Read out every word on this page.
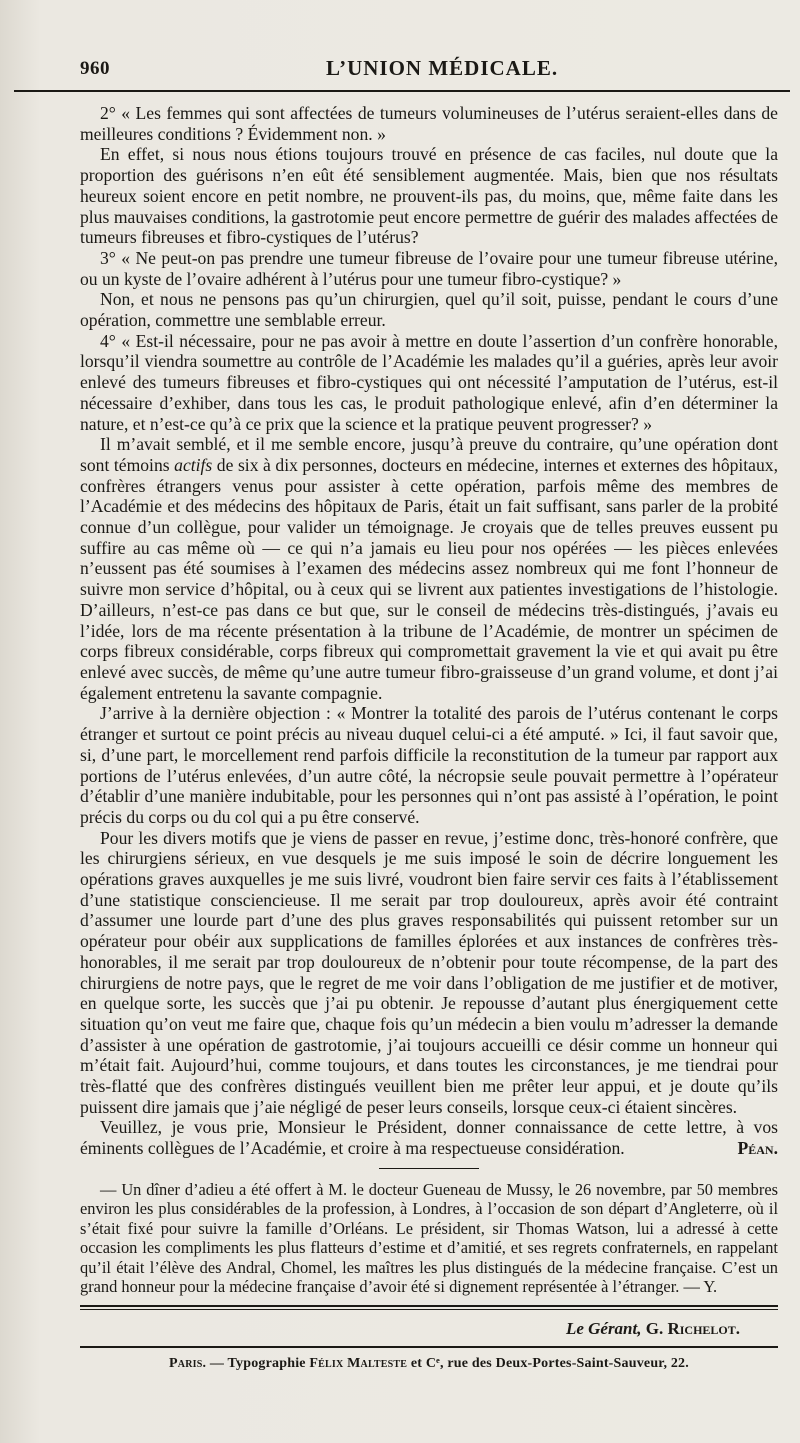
960	L’UNION MÉDICALE.

2° « Les femmes qui sont affectées de tumeurs volumineuses de l’utérus seraient-elles dans de meilleures conditions ? Évidemment non. »

En effet, si nous nous étions toujours trouvé en présence de cas faciles, nul doute que la proportion des guérisons n’en eût été sensiblement augmentée. Mais, bien que nos résultats heureux soient encore en petit nombre, ne prouvent-ils pas, du moins, que, même faite dans les plus mauvaises conditions, la gastrotomie peut encore permettre de guérir des malades affectées de tumeurs fibreuses et fibro-cystiques de l’utérus?

3° « Ne peut-on pas prendre une tumeur fibreuse de l’ovaire pour une tumeur fibreuse utérine, ou un kyste de l’ovaire adhérent à l’utérus pour une tumeur fibro-cystique? »

Non, et nous ne pensons pas qu’un chirurgien, quel qu’il soit, puisse, pendant le cours d’une opération, commettre une semblable erreur.

4° « Est-il nécessaire, pour ne pas avoir à mettre en doute l’assertion d’un confrère honorable, lorsqu’il viendra soumettre au contrôle de l’Académie les malades qu’il a guéries, après leur avoir enlevé des tumeurs fibreuses et fibro-cystiques qui ont nécessité l’amputation de l’utérus, est-il nécessaire d’exhiber, dans tous les cas, le produit pathologique enlevé, afin d’en déterminer la nature, et n’est-ce qu’à ce prix que la science et la pratique peuvent progresser? »

Il m’avait semblé, et il me semble encore, jusqu’à preuve du contraire, qu’une opération dont sont témoins actifs de six à dix personnes, docteurs en médecine, internes et externes des hôpitaux, confrères étrangers venus pour assister à cette opération, parfois même des membres de l’Académie et des médecins des hôpitaux de Paris, était un fait suffisant, sans parler de la probité connue d’un collègue, pour valider un témoignage. Je croyais que de telles preuves eussent pu suffire au cas même où — ce qui n’a jamais eu lieu pour nos opérées — les pièces enlevées n’eussent pas été soumises à l’examen des médecins assez nombreux qui me font l’honneur de suivre mon service d’hôpital, ou à ceux qui se livrent aux patientes investigations de l’histologie. D’ailleurs, n’est-ce pas dans ce but que, sur le conseil de médecins très-distingués, j’avais eu l’idée, lors de ma récente présentation à la tribune de l’Académie, de montrer un spécimen de corps fibreux considérable, corps fibreux qui compromettait gravement la vie et qui avait pu être enlevé avec succès, de même qu’une autre tumeur fibro-graisseuse d’un grand volume, et dont j’ai également entretenu la savante compagnie.

J’arrive à la dernière objection : « Montrer la totalité des parois de l’utérus contenant le corps étranger et surtout ce point précis au niveau duquel celui-ci a été amputé. » Ici, il faut savoir que, si, d’une part, le morcellement rend parfois difficile la reconstitution de la tumeur par rapport aux portions de l’utérus enlevées, d’un autre côté, la nécropsie seule pouvait permettre à l’opérateur d’établir d’une manière indubitable, pour les personnes qui n’ont pas assisté à l’opération, le point précis du corps ou du col qui a pu être conservé.

Pour les divers motifs que je viens de passer en revue, j’estime donc, très-honoré confrère, que les chirurgiens sérieux, en vue desquels je me suis imposé le soin de décrire longuement les opérations graves auxquelles je me suis livré, voudront bien faire servir ces faits à l’établissement d’une statistique consciencieuse. Il me serait par trop douloureux, après avoir été contraint d’assumer une lourde part d’une des plus graves responsabilités qui puissent retomber sur un opérateur pour obéir aux supplications de familles éplorées et aux instances de confrères très-honorables, il me serait par trop douloureux de n’obtenir pour toute récompense, de la part des chirurgiens de notre pays, que le regret de me voir dans l’obligation de me justifier et de motiver, en quelque sorte, les succès que j’ai pu obtenir. Je repousse d’autant plus énergiquement cette situation qu’on veut me faire que, chaque fois qu’un médecin a bien voulu m’adresser la demande d’assister à une opération de gastrotomie, j’ai toujours accueilli ce désir comme un honneur qui m’était fait. Aujourd’hui, comme toujours, et dans toutes les circonstances, je me tiendrai pour très-flatté que des confrères distingués veuillent bien me prêter leur appui, et je doute qu’ils puissent dire jamais que j’aie négligé de peser leurs conseils, lorsque ceux-ci étaient sincères.

Veuillez, je vous prie, Monsieur le Président, donner connaissance de cette lettre, à vos éminents collègues de l’Académie, et croire à ma respectueuse considération.	Péan.

— Un dîner d’adieu a été offert à M. le docteur Gueneau de Mussy, le 26 novembre, par 50 membres environ les plus considérables de la profession, à Londres, à l’occasion de son départ d’Angleterre, où il s’était fixé pour suivre la famille d’Orléans. Le président, sir Thomas Watson, lui a adressé à cette occasion les compliments les plus flatteurs d’estime et d’amitié, et ses regrets confraternels, en rappelant qu’il était l’élève des Andral, Chomel, les maîtres les plus distingués de la médecine française. C’est un grand honneur pour la médecine française d’avoir été si dignement représentée à l’étranger. — Y.

Le Gérant, G. Richelot.
Paris. — Typographie Félix Malteste et Cᵉ, rue des Deux-Portes-Saint-Sauveur, 22.
